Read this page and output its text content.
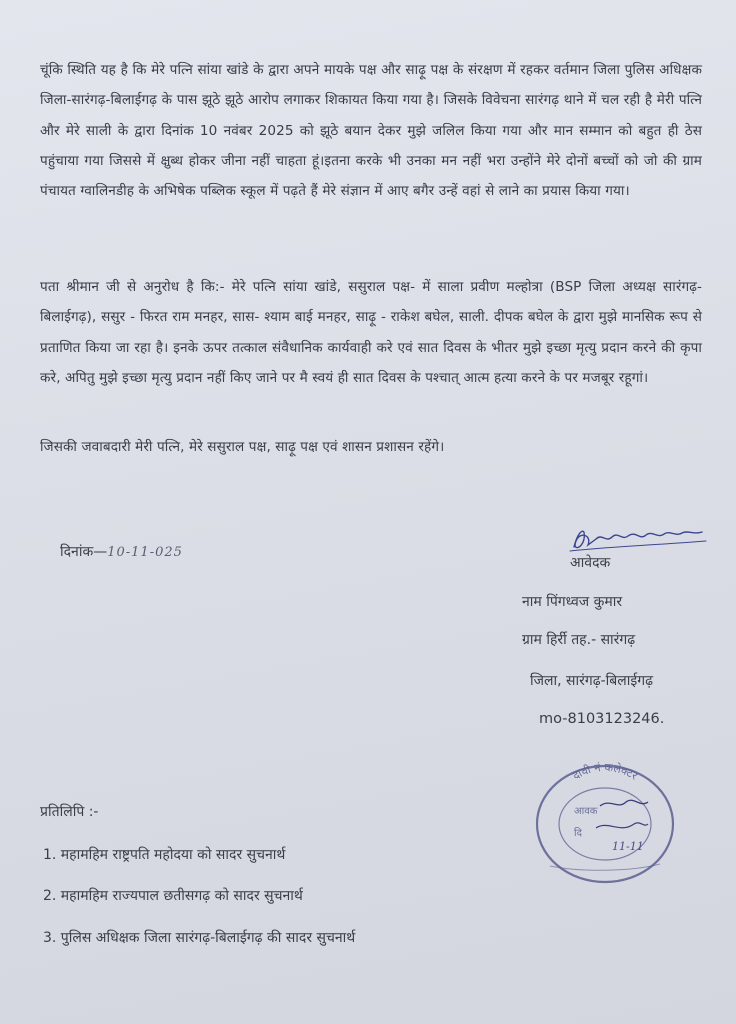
चूंकि स्थिति यह है कि मेरे पत्नि सांया खांडे के द्वारा अपने मायके पक्ष और साढ़ू पक्ष के संरक्षण में रहकर वर्तमान जिला पुलिस अधिक्षक जिला-सारंगढ़-बिलाईगढ़ के पास झूठे झूठे आरोप लगाकर शिकायत किया गया है। जिसके विवेचना सारंगढ़ थाने में चल रही है मेरी पत्नि और मेरे साली के द्वारा दिनांक 10 नवंबर 2025 को झूठे बयान देकर मुझे जलिल किया गया और मान सम्मान को बहुत ही ठेस पहुंचाया गया जिससे में क्षुब्ध होकर जीना नहीं चाहता हूं।इतना करके भी उनका मन नहीं भरा उन्होंने मेरे दोनों बच्चों को जो की ग्राम पंचायत ग्वालिनडीह के अभिषेक पब्लिक स्कूल में पढ़ते हैं मेरे संज्ञान में आए बगैर उन्हें वहां से लाने का प्रयास किया गया।

पता श्रीमान जी से अनुरोध है कि:- मेरे पत्नि सांया खांडे, ससुराल पक्ष- में साला प्रवीण मल्होत्रा (BSP जिला अध्यक्ष सारंगढ़-बिलाईगढ़), ससुर - फिरत राम मनहर, सास- श्याम बाई मनहर, साढ़ू - राकेश बघेल, साली. दीपक बघेल के द्वारा मुझे मानसिक रूप से प्रताणित किया जा रहा है। इनके ऊपर तत्काल संवैधानिक कार्यवाही करे एवं सात दिवस के भीतर मुझे इच्छा मृत्यु प्रदान करने की कृपा करे, अपितु मुझे इच्छा मृत्यु प्रदान नहीं किए जाने पर मै स्वयं ही सात दिवस के पश्चात् आत्म हत्या करने के पर मजबूर रहूगां।

जिसकी जवाबदारी मेरी पत्नि, मेरे ससुराल पक्ष, साढ़ू पक्ष एवं शासन प्रशासन रहेंगे।

दिनांक—10-11-025
आवेदक
नाम पिंगध्वज कुमार
ग्राम हिर्री तह.- सारंगढ़
जिला, सारंगढ़-बिलाईगढ़
mo-8103123246.
दावी नं कलेक्टर
आवक
दि
11-11
प्रतिलिपि :-
1. महामहिम राष्ट्रपति महोदया को सादर सुचनार्थ
2. महामहिम राज्यपाल छतीसगढ़ को सादर सुचनार्थ
3. पुलिस अधिक्षक जिला सारंगढ़-बिलाईगढ़ की सादर सुचनार्थ
